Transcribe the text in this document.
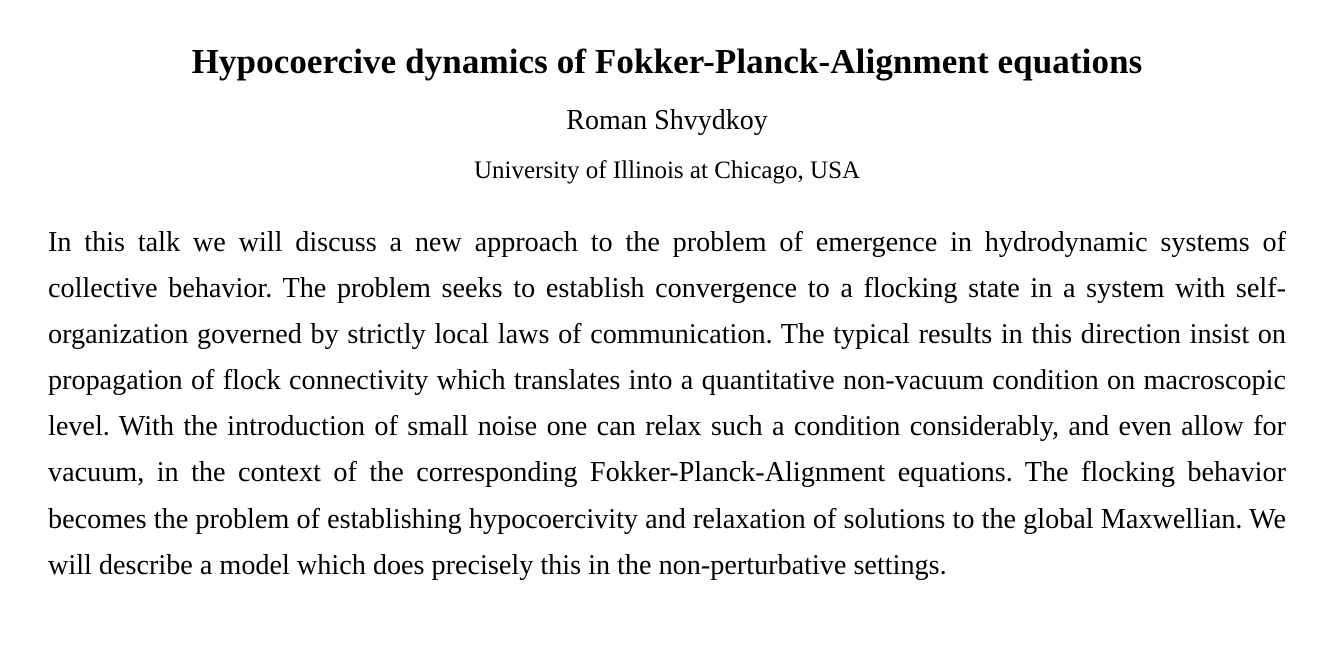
Hypocoercive dynamics of Fokker-Planck-Alignment equations

Roman Shvydkoy

University of Illinois at Chicago, USA

In this talk we will discuss a new approach to the problem of emergence in hydrodynamic systems of collective behavior. The problem seeks to establish convergence to a flocking state in a system with self-organization governed by strictly local laws of communication. The typical results in this direction insist on propagation of flock connectivity which translates into a quantitative non-vacuum condition on macroscopic level. With the introduction of small noise one can relax such a condition considerably, and even allow for vacuum, in the context of the corresponding Fokker-Planck-Alignment equations. The flocking behavior becomes the problem of establishing hypocoercivity and relaxation of solutions to the global Maxwellian. We will describe a model which does precisely this in the non-perturbative settings.
